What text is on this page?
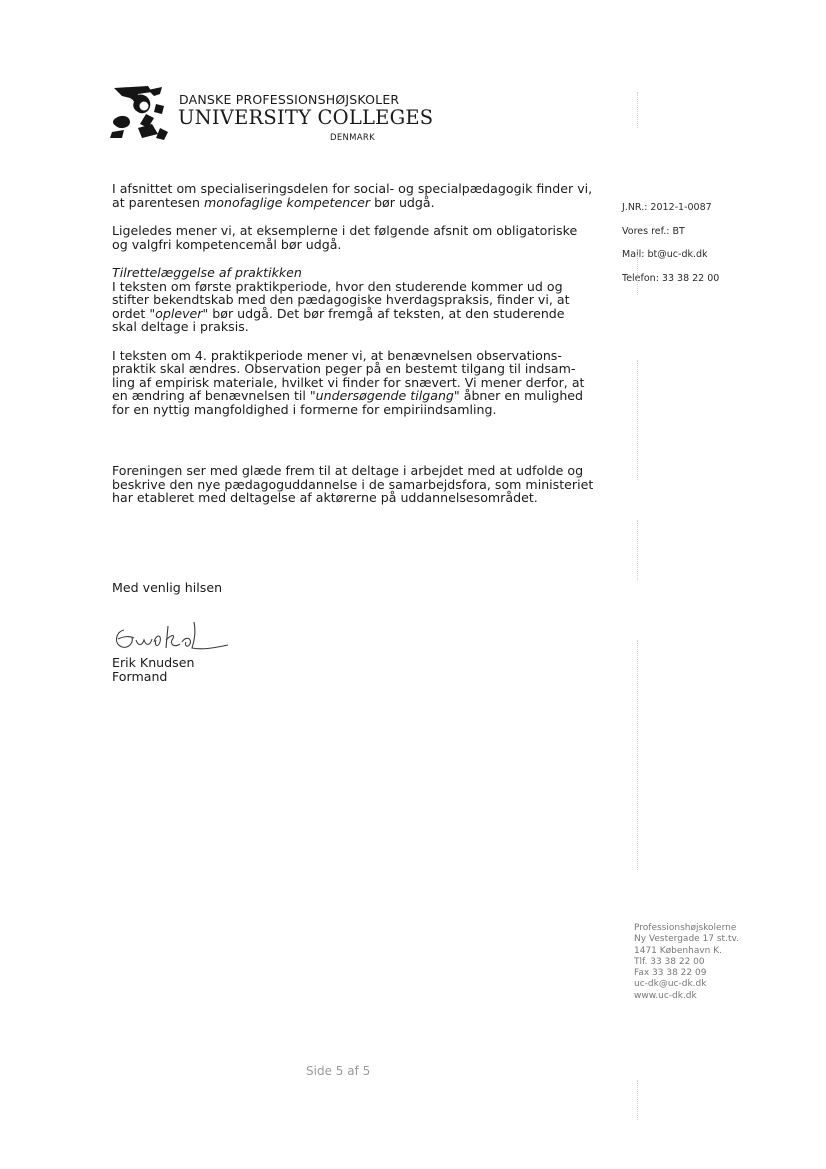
DANSKE PROFESSIONSHØJSKOLER
UNIVERSITY COLLEGES
DENMARK

I afsnittet om specialiseringsdelen for social- og specialpædagogik finder vi,
at parentesen monofaglige kompetencer bør udgå.

Ligeledes mener vi, at eksemplerne i det følgende afsnit om obligatoriske
og valgfri kompetencemål bør udgå.

Tilrettelæggelse af praktikken
I teksten om første praktikperiode, hvor den studerende kommer ud og
stifter bekendtskab med den pædagogiske hverdagspraksis, finder vi, at
ordet "oplever" bør udgå. Det bør fremgå af teksten, at den studerende
skal deltage i praksis.

I teksten om 4. praktikperiode mener vi, at benævnelsen observations-
praktik skal ændres. Observation peger på en bestemt tilgang til indsam-
ling af empirisk materiale, hvilket vi finder for snævert. Vi mener derfor, at
en ændring af benævnelsen til "undersøgende tilgang" åbner en mulighed
for en nyttig mangfoldighed i formerne for empiriindsamling.

Foreningen ser med glæde frem til at deltage i arbejdet med at udfolde og
beskrive den nye pædagoguddannelse i de samarbejdsfora, som ministeriet
har etableret med deltagelse af aktørerne på uddannelsesområdet.

J.NR.: 2012-1-0087
Vores ref.: BT
Mail: bt@uc-dk.dk
Telefon: 33 38 22 00
Med venlig hilsen
Erik Knudsen
Formand
Professionshøjskolerne
Ny Vestergade 17 st.tv.
1471 København K.
Tlf. 33 38 22 00
Fax 33 38 22 09
uc-dk@uc-dk.dk
www.uc-dk.dk
Side 5 af 5
